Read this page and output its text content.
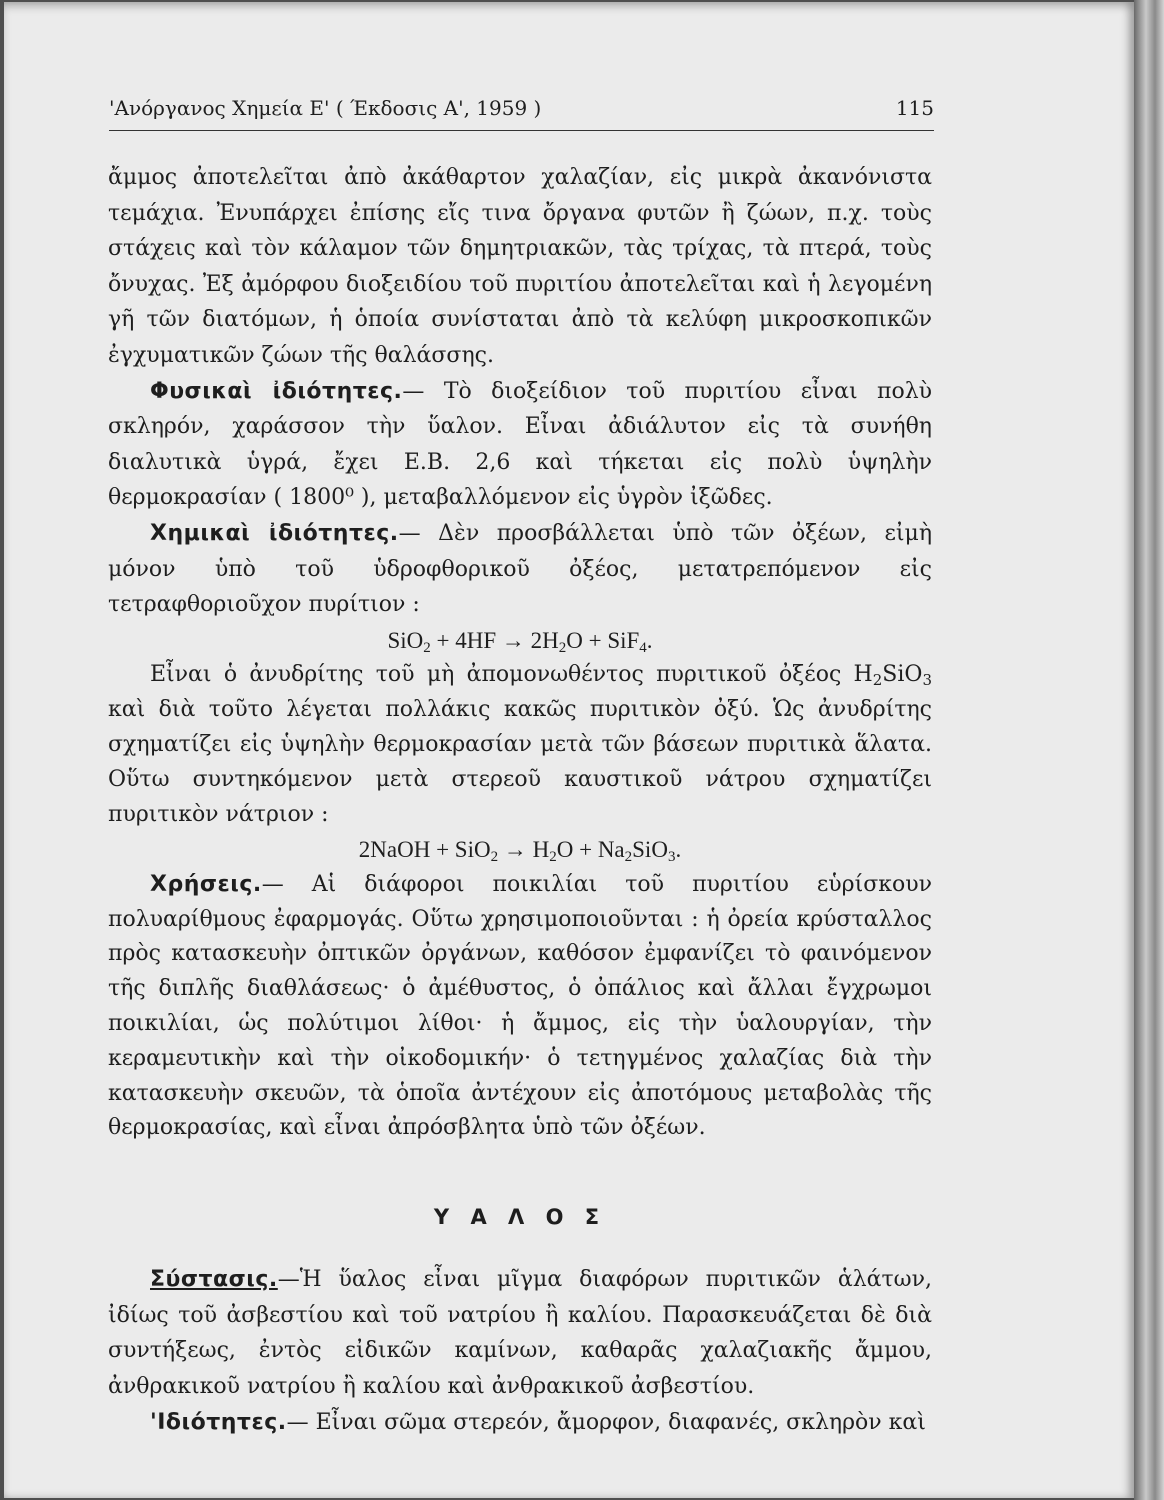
'Ανόργανος Χημεία Ε' ( Έκδοσις Α', 1959 )	115

ἄμμος ἀποτελεῖται ἀπὸ ἀκάθαρτον χαλαζίαν, εἰς μικρὰ ἀκανόνιστα τεμάχια. Ἐνυπάρχει ἐπίσης εἴς τινα ὄργανα φυτῶν ἢ ζώων, π.χ. τοὺς στάχεις καὶ τὸν κάλαμον τῶν δημητριακῶν, τὰς τρίχας, τὰ πτερά, τοὺς ὄνυχας. Ἐξ ἀμόρφου διοξειδίου τοῦ πυριτίου ἀποτελεῖται καὶ ἡ λεγομένη γῆ τῶν διατόμων, ἡ ὁποία συνίσταται ἀπὸ τὰ κελύφη μικροσκοπικῶν ἐγχυματικῶν ζώων τῆς θαλάσσης.

Φυσικαὶ ἰδιότητες.— Τὸ διοξείδιον τοῦ πυριτίου εἶναι πολὺ σκληρόν, χαράσσον τὴν ὕαλον. Εἶναι ἀδιάλυτον εἰς τὰ συνήθη διαλυτικὰ ὑγρά, ἔχει Ε.Β. 2,6 καὶ τήκεται εἰς πολὺ ὑψηλὴν θερμοκρασίαν ( 1800⁰ ), μεταβαλλόμενον εἰς ὑγρὸν ἰξῶδες.

Χημικαὶ ἰδιότητες.— Δὲν προσβάλλεται ὑπὸ τῶν ὀξέων, εἰμὴ μόνον ὑπὸ τοῦ ὑδροφθορικοῦ ὀξέος, μετατρεπόμενον εἰς τετραφθοριοῦχον πυρίτιον :

$SiO_2 + 4HF \to 2H_2O + SiF_4$.

Εἶναι ὁ ἀνυδρίτης τοῦ μὴ ἀπομονωθέντος πυριτικοῦ ὀξέος $H_2SiO_3$ καὶ διὰ τοῦτο λέγεται πολλάκις κακῶς πυριτικὸν ὀξύ. Ὡς ἀνυδρίτης σχηματίζει εἰς ὑψηλὴν θερμοκρασίαν μετὰ τῶν βάσεων πυριτικὰ ἅλατα. Οὕτω συντηκόμενον μετὰ στερεοῦ καυστικοῦ νάτρου σχηματίζει πυριτικὸν νάτριον :

2NaOH + $SiO_2 \to H_2O + Na_2SiO_3$.

Χρήσεις.— Αἱ διάφοροι ποικιλίαι τοῦ πυριτίου εὑρίσκουν πολυαρίθμους ἐφαρμογάς. Οὕτω χρησιμοποιοῦνται : ἡ ὀρεία κρύσταλλος πρὸς κατασκευὴν ὀπτικῶν ὀργάνων, καθόσον ἐμφανίζει τὸ φαινόμενον τῆς διπλῆς διαθλάσεως· ὁ ἀμέθυστος, ὁ ὀπάλιος καὶ ἄλλαι ἔγχρωμοι ποικιλίαι, ὡς πολύτιμοι λίθοι· ἡ ἄμμος, εἰς τὴν ὑαλουργίαν, τὴν κεραμευτικὴν καὶ τὴν οἰκοδομικήν· ὁ τετηγμένος χαλαζίας διὰ τὴν κατασκευὴν σκευῶν, τὰ ὁποῖα ἀντέχουν εἰς ἀποτόμους μεταβολὰς τῆς θερμοκρασίας, καὶ εἶναι ἀπρόσβλητα ὑπὸ τῶν ὀξέων.

Υ Α Λ Ο Σ

Σύστασις.—Ἡ ὕαλος εἶναι μῖγμα διαφόρων πυριτικῶν ἁλάτων, ἰδίως τοῦ ἀσβεστίου καὶ τοῦ νατρίου ἢ καλίου. Παρασκευάζεται δὲ διὰ συντήξεως, ἐντὸς εἰδικῶν καμίνων, καθαρᾶς χαλαζιακῆς ἄμμου, ἀνθρακικοῦ νατρίου ἢ καλίου καὶ ἀνθρακικοῦ ἀσβεστίου.

'Ιδιότητες.— Εἶναι σῶμα στερεόν, ἄμορφον, διαφανές, σκληρὸν καὶ
